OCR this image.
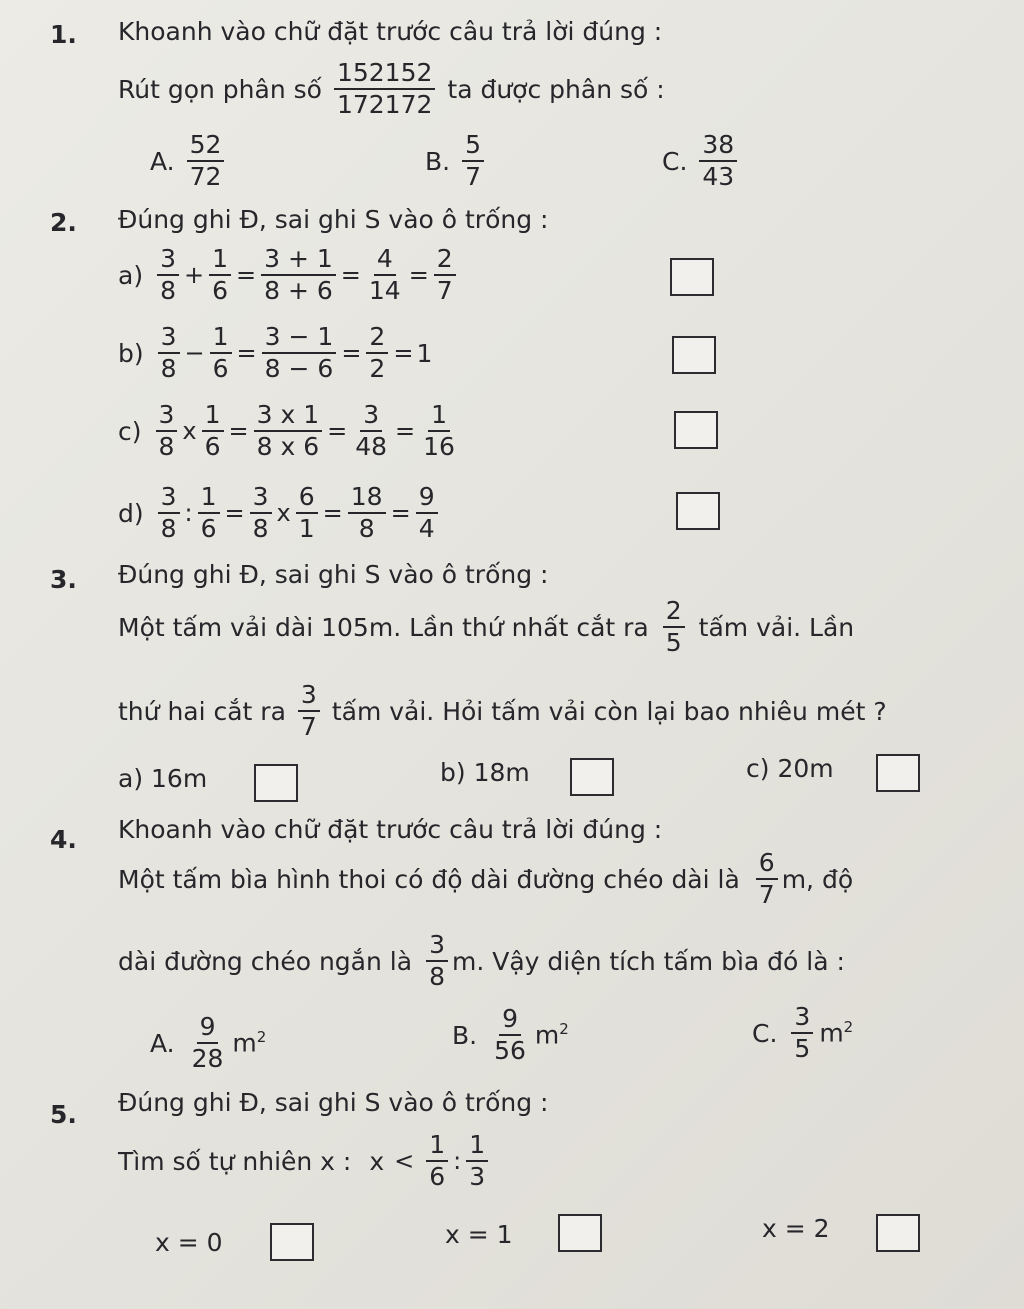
1. Khoanh vào chữ đặt trước câu trả lời đúng :
Rút gọn phân số $\frac{152152}{172172}$ ta được phân số :
A. $\frac{52}{72}$	B. $\frac{5}{7}$	C. $\frac{38}{43}$
2. Đúng ghi Đ, sai ghi S vào ô trống :
$a) \frac{3}{8} + \frac{1}{6} = \frac{3 + 1}{8 + 6} = \frac{4}{14} = \frac{2}{7}$
$b) \frac{3}{8} - \frac{1}{6} = \frac{3 - 1}{8 - 6} = \frac{2}{2} = 1$
$c) \frac{3}{8}$ x $\frac{1}{6} = \frac{3 x 1}{8 x 6} = \frac{3}{48} = \frac{1}{16}$
$d) \frac{3}{8}$ : $\frac{1}{6} = \frac{3}{8}$ x $\frac{6}{1} = \frac{18}{8} = \frac{9}{4}$
3. Đúng ghi Đ, sai ghi S vào ô trống :
Một tấm vải dài 105m. Lần thứ nhất cắt ra $\frac{2}{5}$ tấm vải. Lần
thứ hai cắt ra $\frac{3}{7}$ tấm vải. Hỏi tấm vải còn lại bao nhiêu mét ?
a) 16m	b) 18m	c) 20m
4. Khoanh vào chữ đặt trước câu trả lời đúng :
Một tấm bìa hình thoi có độ dài đường chéo dài là $\frac{6}{7} m$, độ
dài đường chéo ngắn là $\frac{3}{8} m$. Vậy diện tích tấm bìa đó là :
A. $\frac{9}{28} m^2$	B. $\frac{9}{56} m^2$	C. $\frac{3}{5} m^2$
5. Đúng ghi Đ, sai ghi S vào ô trống :
Tìm số tự nhiên x : $x < \frac{1}{6}$ : $\frac{1}{3}$
x = 0	x = 1	x = 2
